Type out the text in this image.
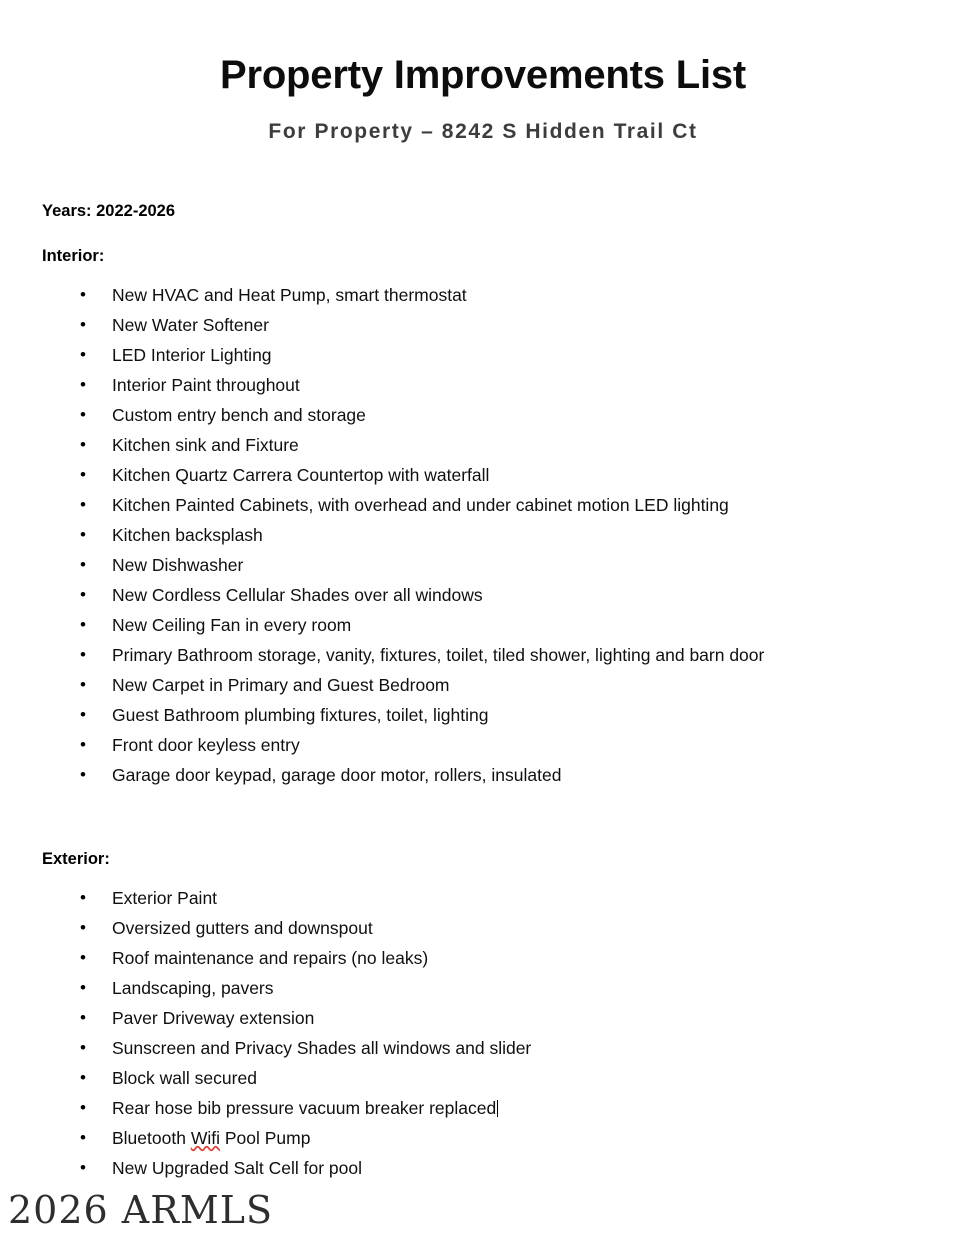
Property Improvements List
For Property – 8242 S Hidden Trail Ct

Years: 2022-2026

Interior:
• New HVAC and Heat Pump, smart thermostat
• New Water Softener
• LED Interior Lighting
• Interior Paint throughout
• Custom entry bench and storage
• Kitchen sink and Fixture
• Kitchen Quartz Carrera Countertop with waterfall
• Kitchen Painted Cabinets, with overhead and under cabinet motion LED lighting
• Kitchen backsplash
• New Dishwasher
• New Cordless Cellular Shades over all windows
• New Ceiling Fan in every room
• Primary Bathroom storage, vanity, fixtures, toilet, tiled shower, lighting and barn door
• New Carpet in Primary and Guest Bedroom
• Guest Bathroom plumbing fixtures, toilet, lighting
• Front door keyless entry
• Garage door keypad, garage door motor, rollers, insulated
Exterior:
• Exterior Paint
• Oversized gutters and downspout
• Roof maintenance and repairs (no leaks)
• Landscaping, pavers
• Paver Driveway extension
• Sunscreen and Privacy Shades all windows and slider
• Block wall secured
• Rear hose bib pressure vacuum breaker replaced
• Bluetooth Wifi Pool Pump
• New Upgraded Salt Cell for pool
2026 ARMLS
